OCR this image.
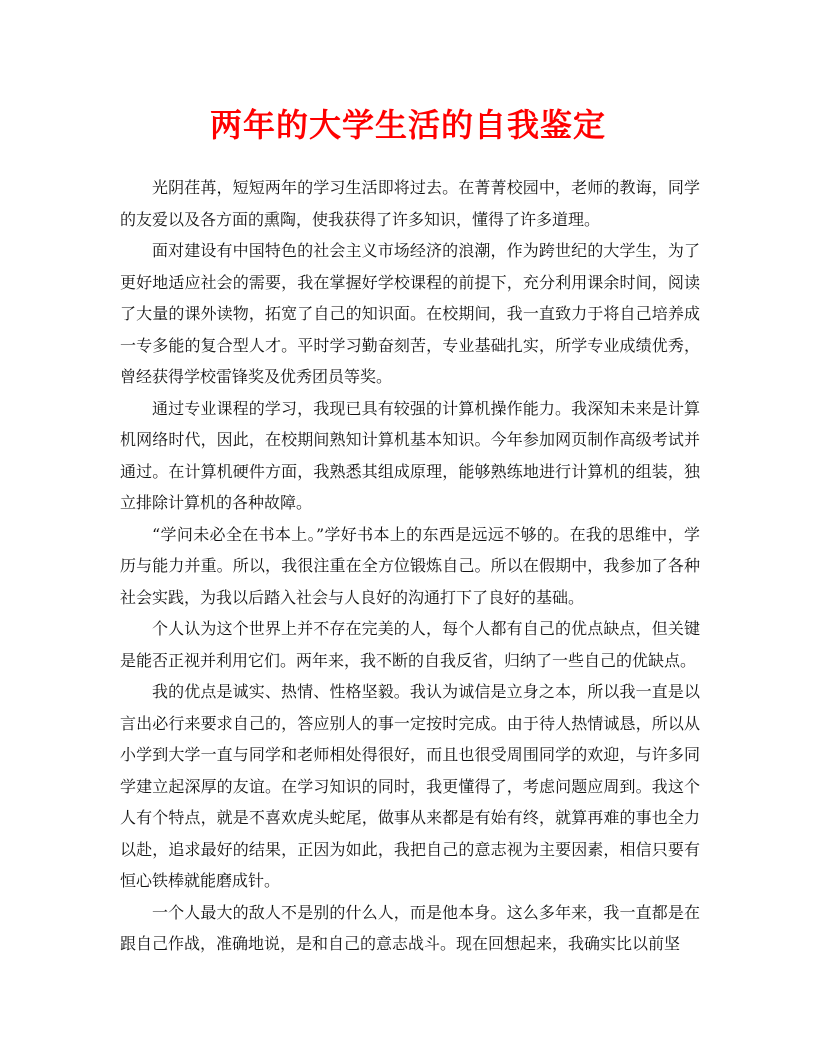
两年的大学生活的自我鉴定

光阴荏苒，短短两年的学习生活即将过去。在菁菁校园中，老师的教诲，同学的友爱以及各方面的熏陶，使我获得了许多知识，懂得了许多道理。

面对建设有中国特色的社会主义市场经济的浪潮，作为跨世纪的大学生，为了更好地适应社会的需要，我在掌握好学校课程的前提下，充分利用课余时间，阅读了大量的课外读物，拓宽了自己的知识面。在校期间，我一直致力于将自己培养成一专多能的复合型人才。平时学习勤奋刻苦，专业基础扎实，所学专业成绩优秀，曾经获得学校雷锋奖及优秀团员等奖。

通过专业课程的学习，我现已具有较强的计算机操作能力。我深知未来是计算机网络时代，因此，在校期间熟知计算机基本知识。今年参加网页制作高级考试并通过。在计算机硬件方面，我熟悉其组成原理，能够熟练地进行计算机的组装，独立排除计算机的各种故障。

“学问未必全在书本上。”学好书本上的东西是远远不够的。在我的思维中，学历与能力并重。所以，我很注重在全方位锻炼自己。所以在假期中，我参加了各种社会实践，为我以后踏入社会与人良好的沟通打下了良好的基础。

个人认为这个世界上并不存在完美的人，每个人都有自己的优点缺点，但关键是能否正视并利用它们。两年来，我不断的自我反省，归纳了一些自己的优缺点。

我的优点是诚实、热情、性格坚毅。我认为诚信是立身之本，所以我一直是以言出必行来要求自己的，答应别人的事一定按时完成。由于待人热情诚恳，所以从小学到大学一直与同学和老师相处得很好，而且也很受周围同学的欢迎，与许多同学建立起深厚的友谊。在学习知识的同时，我更懂得了，考虑问题应周到。我这个人有个特点，就是不喜欢虎头蛇尾，做事从来都是有始有终，就算再难的事也全力以赴，追求最好的结果，正因为如此，我把自己的意志视为主要因素，相信只要有恒心铁棒就能磨成针。

一个人最大的敌人不是别的什么人，而是他本身。这么多年来，我一直都是在跟自己作战，准确地说，是和自己的意志战斗。现在回想起来，我确实比以前坚
